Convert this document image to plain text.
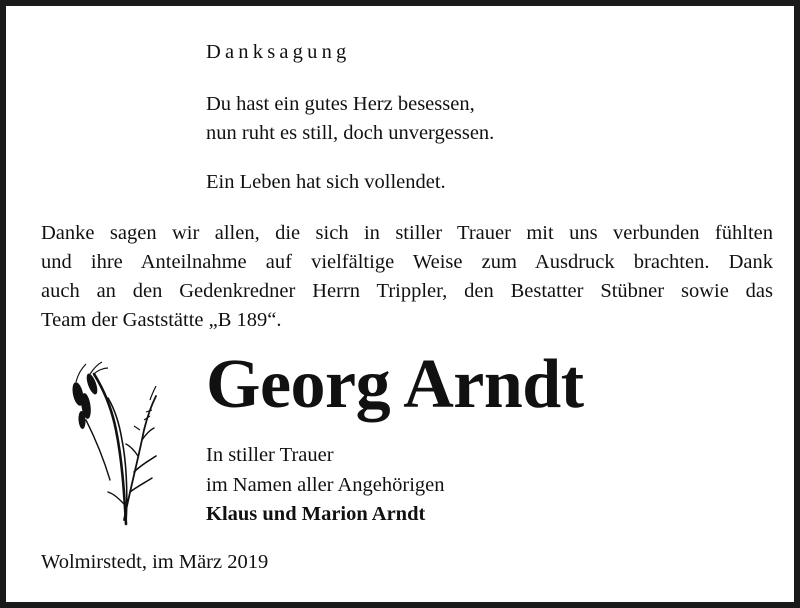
Danksagung

Du hast ein gutes Herz besessen,
nun ruht es still, doch unvergessen.

Ein Leben hat sich vollendet.

Danke sagen wir allen, die sich in stiller Trauer mit uns verbunden fühlten
und ihre Anteilnahme auf vielfältige Weise zum Ausdruck brachten. Dank
auch an den Gedenkredner Herrn Trippler, den Bestatter Stübner sowie das
Team der Gaststätte „B 189“.

Georg Arndt

In stiller Trauer
im Namen aller Angehörigen
Klaus und Marion Arndt

Wolmirstedt, im März 2019
